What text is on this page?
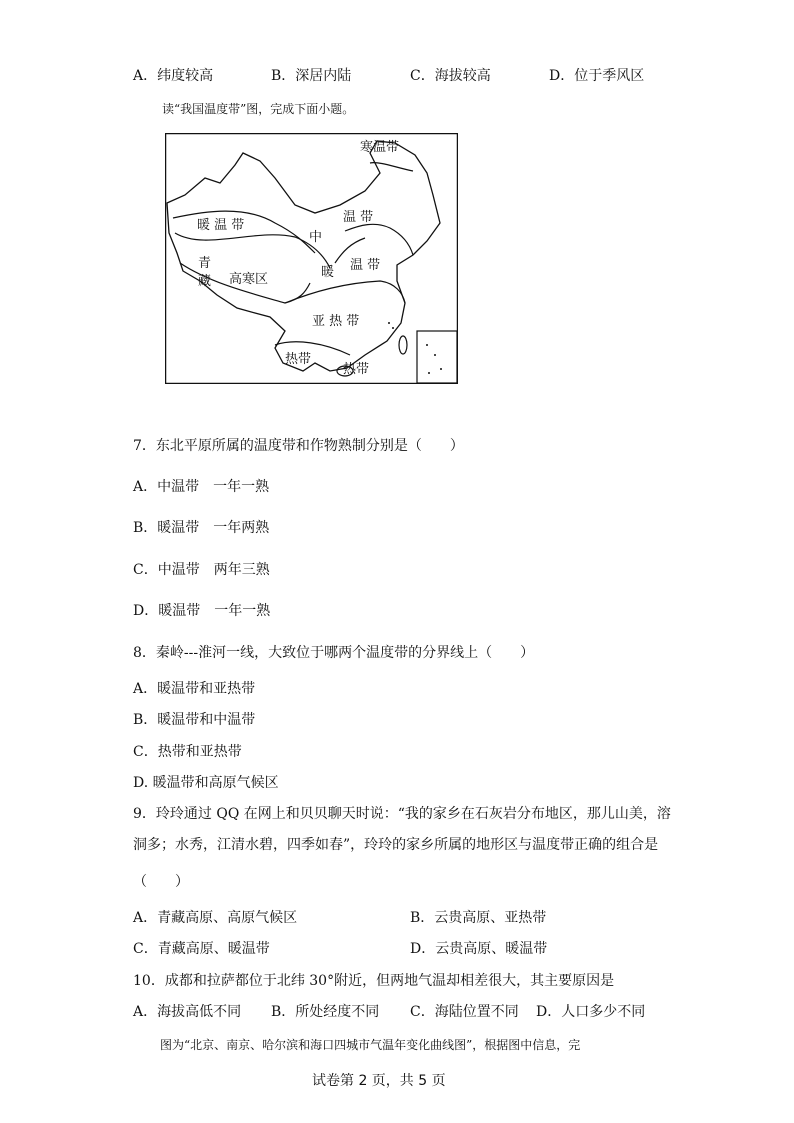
A．纬度较高	B．深居内陆	C．海拔较高	D．位于季风区
读“我国温度带”图，完成下面小题。
寒温带
暖 温 带
中
温 带
青
藏 高寒区	暖 温 带
亚 热 带
热带
热带
7．东北平原所属的温度带和作物熟制分别是（　　）
A．中温带　一年一熟
B．暖温带　一年两熟
C．中温带　两年三熟
D．暖温带　一年一熟
8．秦岭---淮河一线，大致位于哪两个温度带的分界线上（　　）
A．暖温带和亚热带
B．暖温带和中温带
C．热带和亚热带
D. 暖温带和高原气候区
9．玲玲通过 QQ 在网上和贝贝聊天时说：“我的家乡在石灰岩分布地区，那儿山美，溶
洞多；水秀，江清水碧，四季如春”，玲玲的家乡所属的地形区与温度带正确的组合是
（　　）
A．青藏高原、高原气候区	B．云贵高原、亚热带
C．青藏高原、暖温带	D．云贵高原、暖温带
10．成都和拉萨都位于北纬 30°附近，但两地气温却相差很大，其主要原因是
A．海拔高低不同 B．所处经度不同 C．海陆位置不同 D．人口多少不同
图为“北京、南京、哈尔滨和海口四城市气温年变化曲线图”，根据图中信息，完
试卷第 2 页，共 5 页
